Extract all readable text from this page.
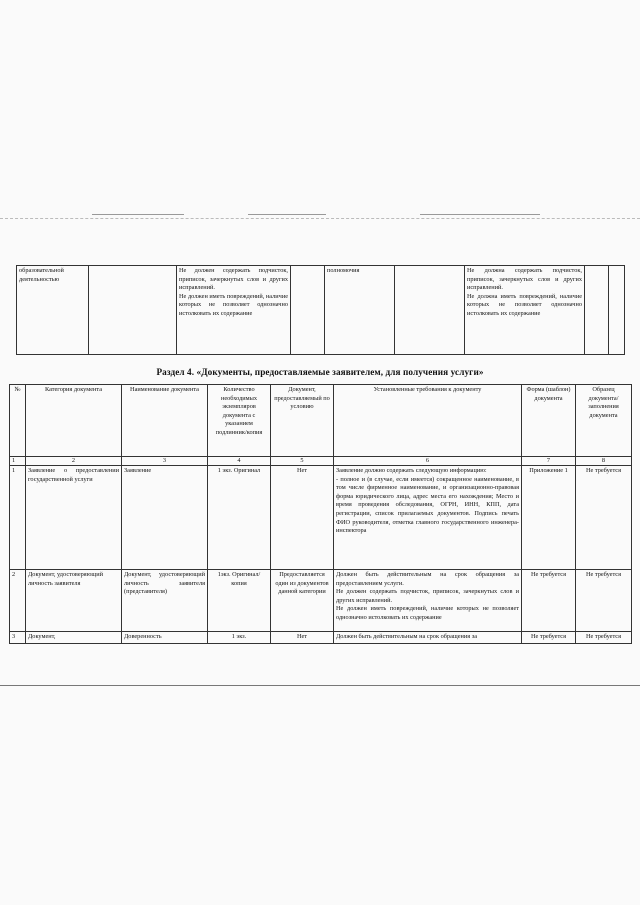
образовательной деятельностью		Не должен содержать подчисток, приписок, зачеркнутых слов и других исправлений.
Не должен иметь повреждений, наличие которых не позволяет однозначно истолковать их содержание		полномочия		Не должна содержать подчисток, приписок, зачеркнутых слов и других исправлений.
Не должна иметь повреждений, наличие которых не позволяет однозначно истолковать их содержание		
Раздел 4. «Документы, предоставляемые заявителем, для получения услуги»
№	Категория документа	Наименование документа	Количество необходимых экземпляров документа с указанием подлинник/копия	Документ, предоставляемый по условию	Установленные требования к документу	Форма (шаблон) документа	Образец документа/заполнения документа
1	2	3	4	5	6	7	8
1	Заявление о предоставлении государственной услуги	Заявление	1 экз. Оригинал	Нет	Заявление должно содержать следующую информацию:
- полное и (в случае, если имеется) сокращенное наименование, в том числе фирменное наименование, и организационно-правовая форма юридического лица, адрес места его нахождения; Место и время проведения обследования, ОГРН, ИНН, КПП, дата регистрации, список прилагаемых документов. Подпись печать ФИО руководителя, отметка главного государственного инженера-инспектора	Приложение 1	Не требуется
2	Документ, удостоверяющий личность заявителя	Документ, удостоверяющий личность заявителя (представителя)	1экз. Оригинал/копия	Предоставляется один из документов данной категории	Должен быть действительным на срок обращения за предоставлением услуги.
Не должен содержать подчисток, приписок, зачеркнутых слов и других исправлений.
Не должен иметь повреждений, наличие которых не позволяет однозначно истолковать их содержание	Не требуется	Не требуется
3	Документ,	Доверенность	1 экз.	Нет	Должен быть действительным на срок обращения за	Не требуется	Не требуется
